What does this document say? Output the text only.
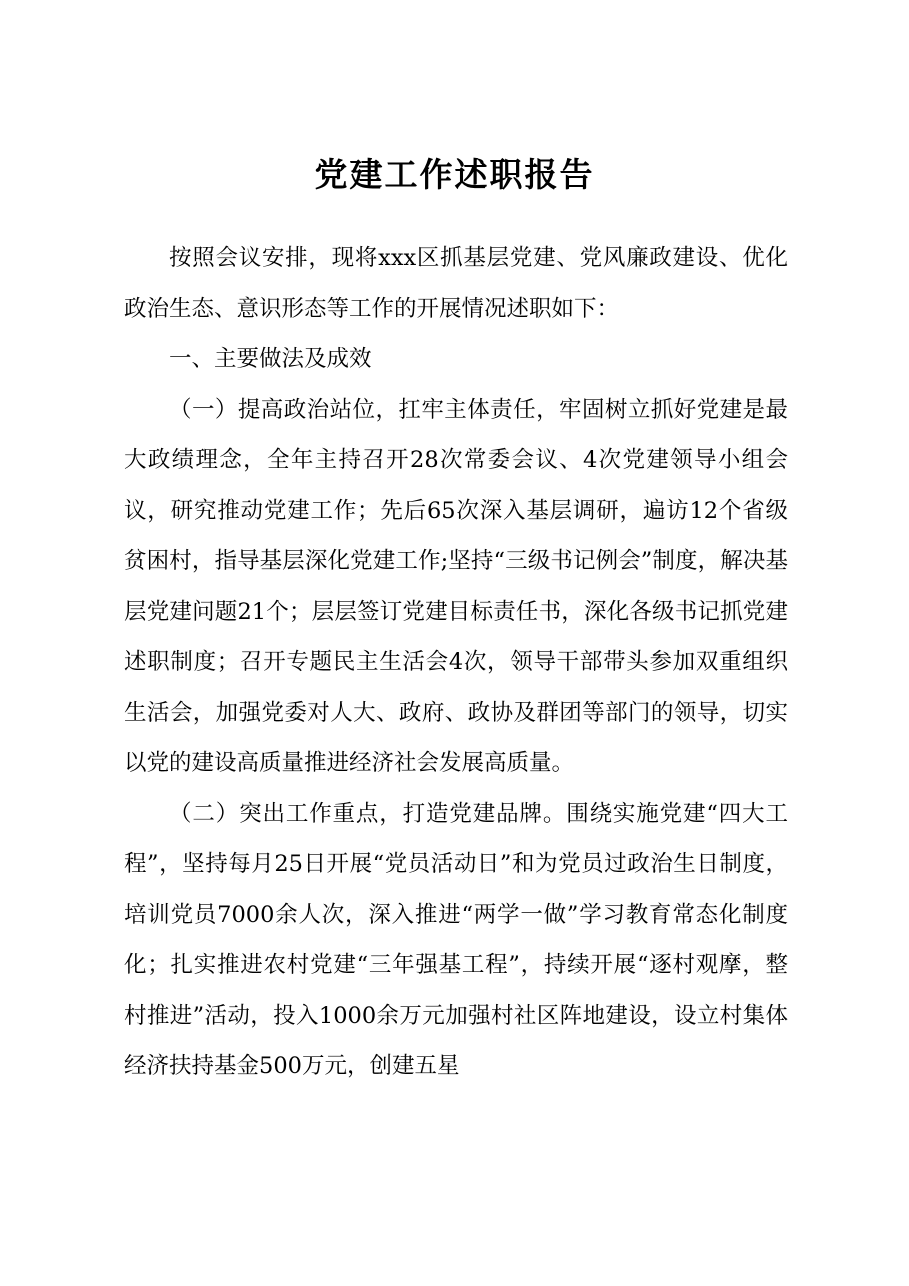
党建工作述职报告

按照会议安排，现将xxx区抓基层党建、党风廉政建设、优化政治生态、意识形态等工作的开展情况述职如下：

一、主要做法及成效

（一）提高政治站位，扛牢主体责任，牢固树立抓好党建是最大政绩理念，全年主持召开28次常委会议、4次党建领导小组会议，研究推动党建工作；先后65次深入基层调研，遍访12个省级贫困村，指导基层深化党建工作;坚持“三级书记例会”制度，解决基层党建问题21个；层层签订党建目标责任书，深化各级书记抓党建述职制度；召开专题民主生活会4次，领导干部带头参加双重组织生活会，加强党委对人大、政府、政协及群团等部门的领导，切实以党的建设高质量推进经济社会发展高质量。

（二）突出工作重点，打造党建品牌。围绕实施党建“四大工程”，坚持每月25日开展“党员活动日”和为党员过政治生日制度，培训党员7000余人次，深入推进“两学一做”学习教育常态化制度化；扎实推进农村党建“三年强基工程”，持续开展“逐村观摩，整村推进”活动，投入1000余万元加强村社区阵地建设，设立村集体经济扶持基金500万元，创建五星
